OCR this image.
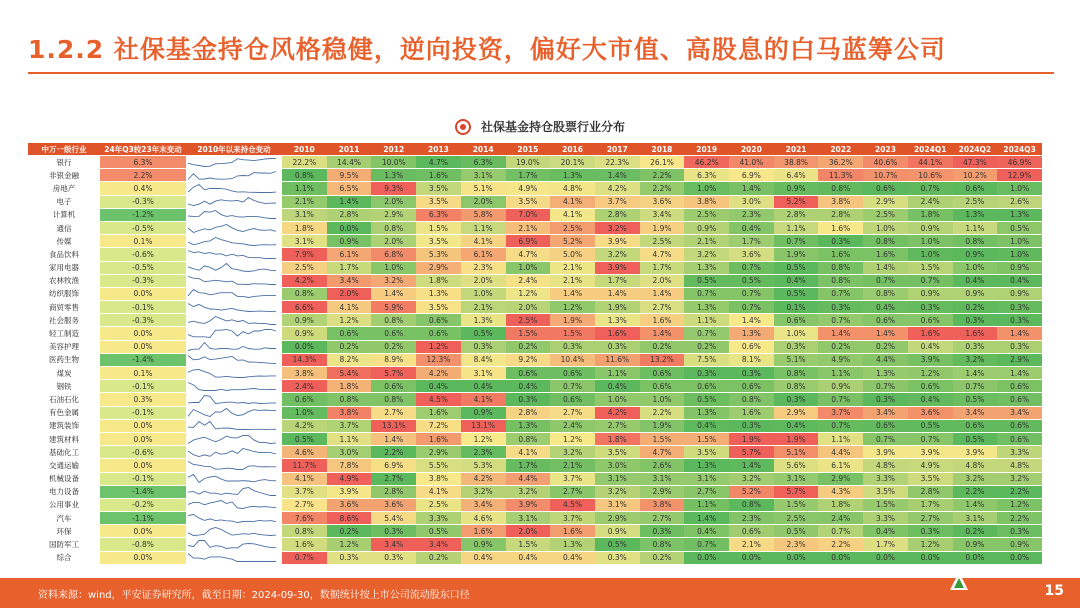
1.2.2 社保基金持仓风格稳健，逆向投资，偏好大市值、高股息的白马蓝筹公司
社保基金持仓股票行业分布
中万一级行业	24年Q3较23年末变动	2010年以来持仓变动	2010	2011	2012	2013	2014	2015	2016	2017	2018	2019	2020	2021	2022	2023	2024Q1	2024Q2	2024Q3
银行	6.3%		22.2%	14.4%	10.0%	4.7%	6.3%	19.0%	20.1%	22.3%	26.1%	46.2%	41.0%	38.8%	36.2%	40.6%	44.1%	47.3%	46.9%
非银金融	2.2%		0.8%	9.5%	1.3%	1.6%	3.1%	1.7%	1.3%	1.4%	2.2%	6.3%	6.9%	6.4%	11.3%	10.7%	10.6%	10.2%	12.9%
房地产	0.4%		1.1%	6.5%	9.3%	3.5%	5.1%	4.9%	4.8%	4.2%	2.2%	1.0%	1.4%	0.9%	0.8%	0.6%	0.7%	0.6%	1.0%
电子	-0.3%		2.1%	1.4%	2.0%	3.5%	2.0%	3.5%	4.1%	3.7%	3.6%	3.8%	3.0%	5.2%	3.8%	2.9%	2.4%	2.5%	2.6%
计算机	-1.2%		3.1%	2.8%	2.9%	6.3%	5.8%	7.0%	4.1%	2.8%	3.4%	2.5%	2.3%	2.8%	2.8%	2.5%	1.8%	1.3%	1.3%
通信	-0.5%		1.8%	0.0%	0.8%	1.5%	1.1%	2.1%	2.5%	3.2%	1.9%	0.9%	0.4%	1.1%	1.6%	1.0%	0.9%	1.1%	0.5%
传媒	0.1%		3.1%	0.9%	2.0%	3.5%	4.1%	6.9%	5.2%	3.9%	2.5%	2.1%	1.7%	0.7%	0.3%	0.8%	1.0%	0.8%	1.0%
食品饮料	-0.6%		7.9%	6.1%	6.8%	5.3%	6.1%	4.7%	5.0%	3.2%	4.7%	3.2%	3.6%	1.9%	1.6%	1.6%	1.0%	0.9%	1.0%
家用电器	-0.5%		2.5%	1.7%	1.0%	2.9%	2.3%	1.0%	2.1%	3.9%	1.7%	1.3%	0.7%	0.5%	0.8%	1.4%	1.5%	1.0%	0.9%
农林牧渔	-0.3%		4.2%	3.4%	3.2%	1.8%	2.0%	2.4%	2.1%	1.7%	2.0%	0.5%	0.5%	0.4%	0.8%	0.7%	0.7%	0.4%	0.4%
纺织服饰	0.0%		0.8%	2.0%	1.4%	1.3%	1.0%	1.2%	1.4%	1.4%	1.4%	0.7%	0.7%	0.5%	0.7%	0.8%	0.9%	0.9%	0.9%
商贸零售	-0.1%		6.6%	4.1%	5.9%	3.5%	2.1%	2.0%	1.2%	1.9%	2.7%	1.3%	0.7%	0.1%	0.3%	0.4%	0.3%	0.2%	0.3%
社会服务	-0.3%		0.9%	1.2%	0.8%	0.6%	1.3%	2.5%	1.9%	1.3%	1.6%	1.1%	1.4%	0.6%	0.7%	0.6%	0.6%	0.3%	0.3%
轻工制造	0.0%		0.9%	0.6%	0.6%	0.6%	0.5%	1.5%	1.5%	1.6%	1.4%	0.7%	1.3%	1.0%	1.4%	1.4%	1.6%	1.6%	1.4%
美容护理	0.0%		0.0%	0.2%	0.2%	1.2%	0.3%	0.2%	0.3%	0.3%	0.2%	0.2%	0.6%	0.3%	0.2%	0.2%	0.4%	0.3%	0.3%
医药生物	-1.4%		14.3%	8.2%	8.9%	12.3%	8.4%	9.2%	10.4%	11.6%	13.2%	7.5%	8.1%	5.1%	4.9%	4.4%	3.9%	3.2%	2.9%
煤炭	0.1%		3.8%	5.4%	5.7%	4.2%	3.1%	0.6%	0.6%	1.1%	0.6%	0.3%	0.3%	0.8%	1.1%	1.3%	1.2%	1.4%	1.4%
钢铁	-0.1%		2.4%	1.8%	0.6%	0.4%	0.4%	0.4%	0.7%	0.4%	0.6%	0.6%	0.6%	0.8%	0.9%	0.7%	0.6%	0.7%	0.6%
石油石化	0.3%		0.6%	0.8%	0.8%	4.5%	4.1%	0.3%	0.6%	1.0%	1.0%	0.5%	0.8%	0.3%	0.7%	0.3%	0.4%	0.5%	0.6%
有色金属	-0.1%		1.0%	3.8%	2.7%	1.6%	0.9%	2.8%	2.7%	4.2%	2.2%	1.3%	1.6%	2.9%	3.7%	3.4%	3.6%	3.4%	3.4%
建筑装饰	0.0%		4.2%	3.7%	13.1%	7.2%	13.1%	1.3%	2.4%	2.7%	1.9%	0.4%	0.3%	0.4%	0.7%	0.6%	0.5%	0.6%	0.6%
建筑材料	0.0%		0.5%	1.1%	1.4%	1.6%	1.2%	0.8%	1.2%	1.8%	1.5%	1.5%	1.9%	1.9%	1.1%	0.7%	0.7%	0.5%	0.6%
基础化工	-0.6%		4.6%	3.0%	2.2%	2.9%	2.3%	4.1%	3.2%	3.5%	4.7%	3.5%	5.7%	5.1%	4.4%	3.9%	3.9%	3.9%	3.3%
交通运输	0.0%		11.7%	7.8%	6.9%	5.5%	5.3%	1.7%	2.1%	3.0%	2.6%	1.3%	1.4%	5.6%	6.1%	4.8%	4.9%	4.8%	4.8%
机械设备	-0.1%		4.1%	4.9%	2.7%	3.8%	4.2%	4.4%	3.7%	3.1%	3.1%	3.1%	3.2%	3.1%	2.9%	3.3%	3.5%	3.2%	3.2%
电力设备	-1.4%		3.7%	3.9%	2.8%	4.1%	3.2%	3.2%	2.7%	3.2%	2.9%	2.7%	5.2%	5.7%	4.3%	3.5%	2.8%	2.2%	2.2%
公用事业	-0.2%		2.7%	3.6%	3.6%	2.5%	3.4%	3.9%	4.5%	3.1%	3.8%	1.1%	0.8%	1.5%	1.8%	1.5%	1.7%	1.4%	1.2%
汽车	-1.1%		7.6%	8.6%	5.4%	3.3%	4.6%	3.1%	3.7%	2.9%	2.7%	1.4%	2.3%	2.5%	2.4%	3.3%	2.7%	3.1%	2.2%
环保	0.0%		0.8%	0.2%	0.3%	0.5%	1.6%	2.0%	1.6%	0.9%	0.3%	0.4%	0.6%	0.5%	0.7%	0.4%	0.3%	0.2%	0.3%
国防军工	-0.8%		1.6%	1.2%	3.4%	3.4%	0.9%	1.5%	1.3%	0.5%	0.8%	0.7%	2.1%	2.3%	2.2%	1.7%	1.2%	0.9%	0.9%
综合	0.0%		0.7%	0.3%	0.3%	0.2%	0.4%	0.4%	0.4%	0.3%	0.2%	0.0%	0.0%	0.0%	0.0%	0.0%	0.0%	0.0%	0.0%
资料来源：wind，平安证券研究所，截至日期：2024-09-30，数据统计按上市公司流动股东口径	15
